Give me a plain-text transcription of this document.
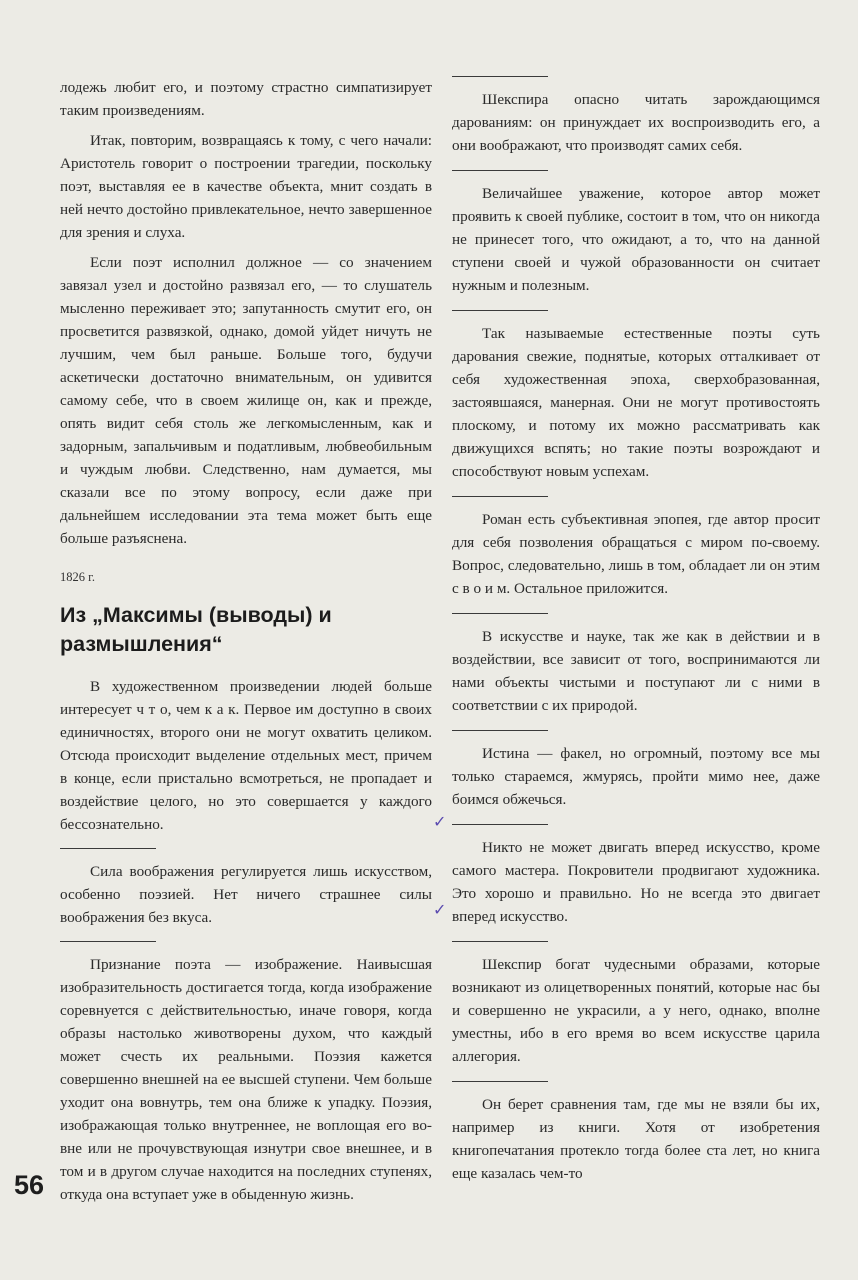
лодежь любит его, и поэтому страстно симпатизирует таким произведениям.

Итак, повторим, возвращаясь к тому, с чего начали: Аристотель говорит о построении трагедии, поскольку поэт, выставляя ее в качестве объекта, мнит создать в ней нечто достойно привлекательное, нечто завершенное для зрения и слуха.

Если поэт исполнил должное — со значением завязал узел и достойно развязал его, — то слушатель мысленно переживает это; запутанность смутит его, он просветится развязкой, однако, домой уйдет ничуть не лучшим, чем был раньше. Больше того, будучи аскетически достаточно внимательным, он удивится самому себе, что в своем жилище он, как и прежде, опять видит себя столь же легкомысленным, как и задорным, запальчивым и податливым, любвеобильным и чуждым любви. Следственно, нам думается, мы сказали все по этому вопросу, если даже при дальнейшем исследовании эта тема может быть еще больше разъяснена.

1826 г.

Из „Максимы (выводы) и размышления“

В художественном произведении людей больше интересует ч т о, чем к а к. Первое им доступно в своих единичностях, второго они не могут охватить целиком. Отсюда происходит выделение отдельных мест, причем в конце, если пристально всмотреться, не пропадает и воздействие целого, но это совершается у каждого бессознательно.

Сила воображения регулируется лишь искусством, особенно поэзией. Нет ничего страшнее силы воображения без вкуса.

Признание поэта — изображение. Наивысшая изобразительность достигается тогда, когда изображение соревнуется с действительностью, иначе говоря, когда образы настолько животворены духом, что каждый может счесть их реальными. Поэзия кажется совершенно внешней на ее высшей ступени. Чем больше уходит она вовнутрь, тем она ближе к упадку. Поэзия, изображающая только внутреннее, не воплощая его во-вне или не прочувствующая изнутри свое внешнее, и в том и в другом случае находится на последних ступенях, откуда она вступает уже в обыденную жизнь.

Шекспира опасно читать зарождающимся дарованиям: он принуждает их воспроизводить его, а они воображают, что производят самих себя.

Величайшее уважение, которое автор может проявить к своей публике, состоит в том, что он никогда не принесет того, что ожидают, а то, что на данной ступени своей и чужой образованности он считает нужным и полезным.

Так называемые естественные поэты суть дарования свежие, поднятые, которых отталкивает от себя художественная эпоха, сверхобразованная, застоявшаяся, манерная. Они не могут противостоять плоскому, и потому их можно рассматривать как движущихся вспять; но такие поэты возрождают и способствуют новым успехам.

Роман есть субъективная эпопея, где автор просит для себя позволения обращаться с миром по-своему. Вопрос, следовательно, лишь в том, обладает ли он этим с в о и м. Остальное приложится.

В искусстве и науке, так же как в действии и в воздействии, все зависит от того, воспринимаются ли нами объекты чистыми и поступают ли с ними в соответствии с их природой.

Истина — факел, но огромный, поэтому все мы только стараемся, жмурясь, пройти мимо нее, даже боимся обжечься.

Никто не может двигать вперед искусство, кроме самого мастера. Покровители продвигают художника. Это хорошо и правильно. Но не всегда это двигает вперед искусство.

Шекспир богат чудесными образами, которые возникают из олицетворенных понятий, которые нас бы и совершенно не украсили, а у него, однако, вполне уместны, ибо в его время во всем искусстве царила аллегория.

Он берет сравнения там, где мы не взяли бы их, например из книги. Хотя от изобретения книгопечатания протекло тогда более ста лет, но книга еще казалась чем-то

✓
✓
56
